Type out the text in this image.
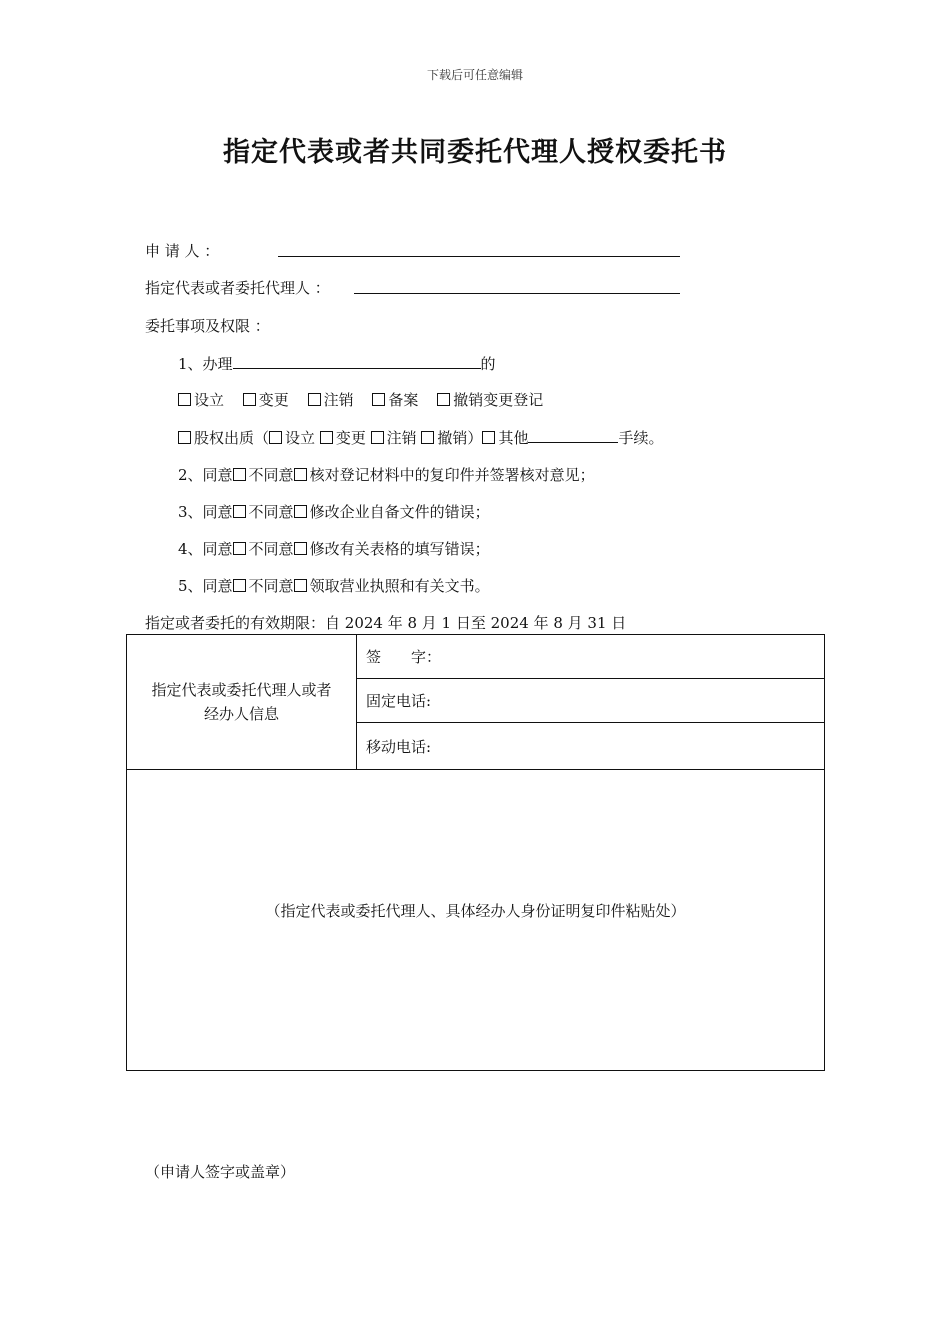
下载后可任意编辑
指定代表或者共同委托代理人授权委托书
申 请 人 ：
指定代表或者委托代理人 ：
委托事项及权限 ：
1、办理	的
设立 变更 注销 备案 撤销变更登记
股权出质（ 设立 变更 注销 撤销） 其他	手续。
2、同意 不同意 核对登记材料中的复印件并签署核对意见；
3、同意 不同意 修改企业自备文件的错误；
4、同意 不同意 修改有关表格的填写错误；
5、同意 不同意 领取营业执照和有关文书。
指定或者委托的有效期限：自 2024 年 8 月 1 日至 2024 年 8 月 31 日
指定代表或委托代理人或者
经办人信息
	签　　字：
固定电话:
移动电话:
（指定代表或委托代理人、具体经办人身份证明复印件粘贴处）
（申请人签字或盖章）
